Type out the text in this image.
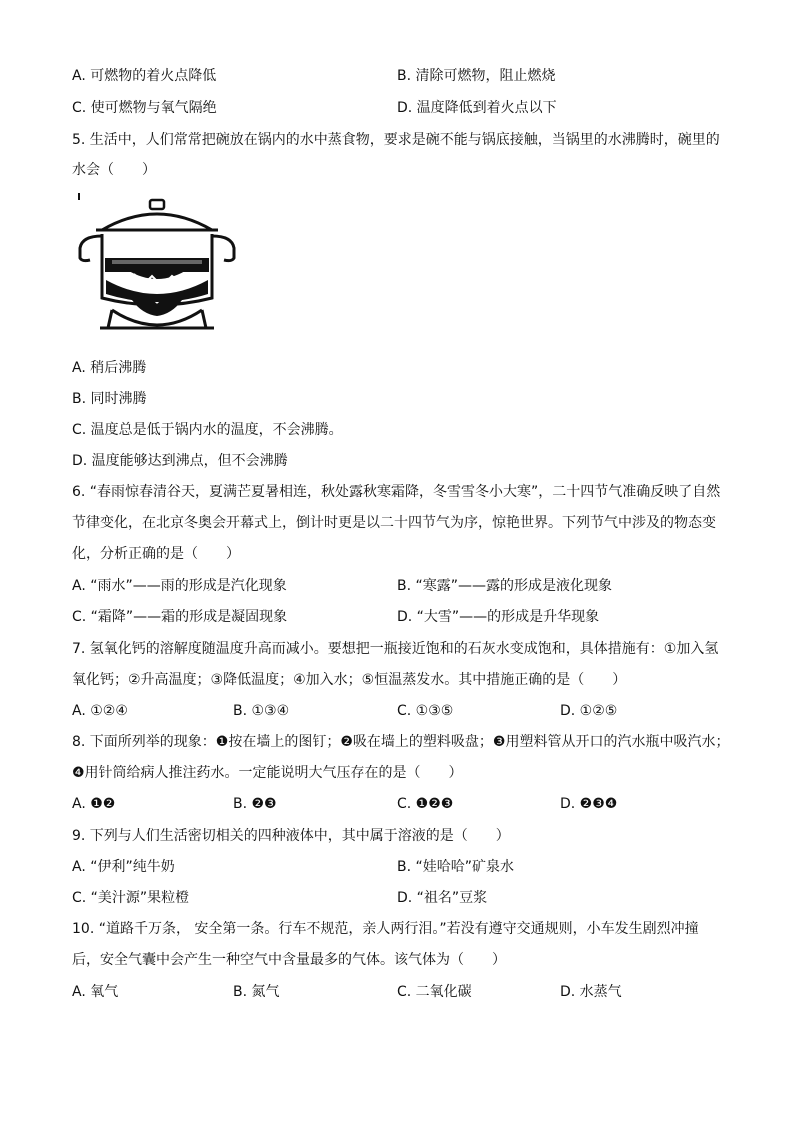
A. 可燃物的着火点降低	B. 清除可燃物，阻止燃烧
C. 使可燃物与氧气隔绝	D. 温度降低到着火点以下
5. 生活中，人们常常把碗放在锅内的水中蒸食物，要求是碗不能与锅底接触，当锅里的水沸腾时，碗里的
水会（　　）
A. 稍后沸腾
B. 同时沸腾
C. 温度总是低于锅内水的温度，不会沸腾。
D. 温度能够达到沸点，但不会沸腾
6. “春雨惊春清谷天，夏满芒夏暑相连，秋处露秋寒霜降，冬雪雪冬小大寒”，二十四节气准确反映了自然
节律变化，在北京冬奥会开幕式上，倒计时更是以二十四节气为序，惊艳世界。下列节气中涉及的物态变
化，分析正确的是（　　）
A. “雨水”——雨的形成是汽化现象	B. “寒露”——露的形成是液化现象
C. “霜降”——霜的形成是凝固现象	D. “大雪”——的形成是升华现象
7. 氢氧化钙的溶解度随温度升高而减小。要想把一瓶接近饱和的石灰水变成饱和，具体措施有：①加入氢
氧化钙；②升高温度；③降低温度；④加入水；⑤恒温蒸发水。其中措施正确的是（　　）
A. ①②④	B. ①③④	C. ①③⑤	D. ①②⑤
8. 下面所列举的现象：❶按在墙上的图钉；❷吸在墙上的塑料吸盘；❸用塑料管从开口的汽水瓶中吸汽水；
❹用针筒给病人推注药水。一定能说明大气压存在的是（　　）
A. ❶❷	B. ❷❸	C. ❶❷❸	D. ❷❸❹
9. 下列与人们生活密切相关的四种液体中，其中属于溶液的是（　　）
A. “伊利”纯牛奶	B. “娃哈哈”矿泉水
C. “美汁源”果粒橙	D. “祖名”豆浆
10. “道路千万条， 安全第一条。行车不规范，亲人两行泪。”若没有遵守交通规则，小车发生剧烈冲撞
后，安全气囊中会产生一种空气中含量最多的气体。该气体为（　　）
A. 氧气	B. 氮气	C. 二氧化碳	D. 水蒸气
